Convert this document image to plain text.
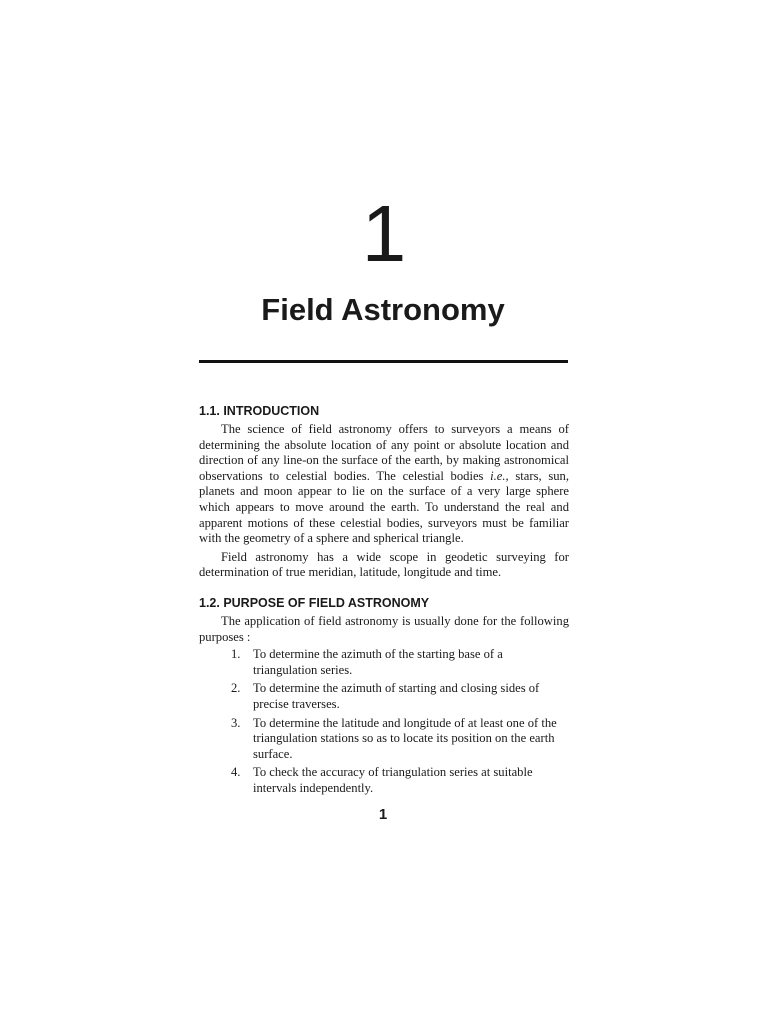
1
Field Astronomy
1.1. INTRODUCTION

The science of field astronomy offers to surveyors a means of determining the absolute location of any point or absolute location and direction of any line-on the surface of the earth, by making astronomical observations to celestial bodies. The celestial bodies i.e., stars, sun, planets and moon appear to lie on the surface of a very large sphere which appears to move around the earth. To understand the real and apparent motions of these celestial bodies, surveyors must be familiar with the geometry of a sphere and spherical triangle.

Field astronomy has a wide scope in geodetic surveying for determination of true meridian, latitude, longitude and time.

1.2. PURPOSE OF FIELD ASTRONOMY

The application of field astronomy is usually done for the following purposes :

1. To determine the azimuth of the starting base of a triangulation series.
2. To determine the azimuth of starting and closing sides of precise traverses.
3. To determine the latitude and longitude of at least one of the triangulation stations so as to locate its position on the earth surface.
4. To check the accuracy of triangulation series at suitable intervals independently.
1
